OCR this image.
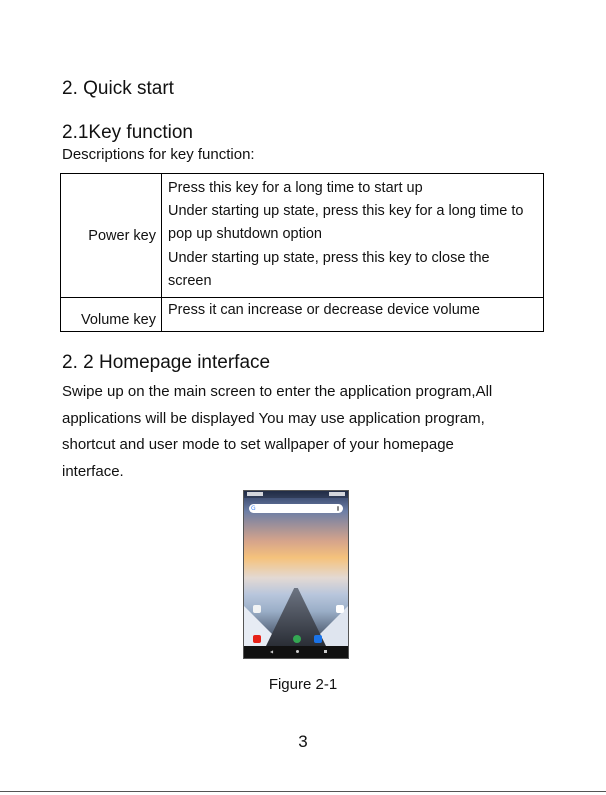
2. Quick start
2.1Key function

Descriptions for key function:

Power key	Press this key for a long time to start up
Under starting up state, press this key for a long time to
pop up shutdown option
Under starting up state, press this key to close the
screen

Volume key	Press it can increase or decrease device volume
2. 2 Homepage interface
Swipe up on the main screen to enter the application program,All
applications will be displayed You may use application program,
shortcut and user mode to set wallpaper of your homepage
interface.
G
◀

Figure 2-1

3
